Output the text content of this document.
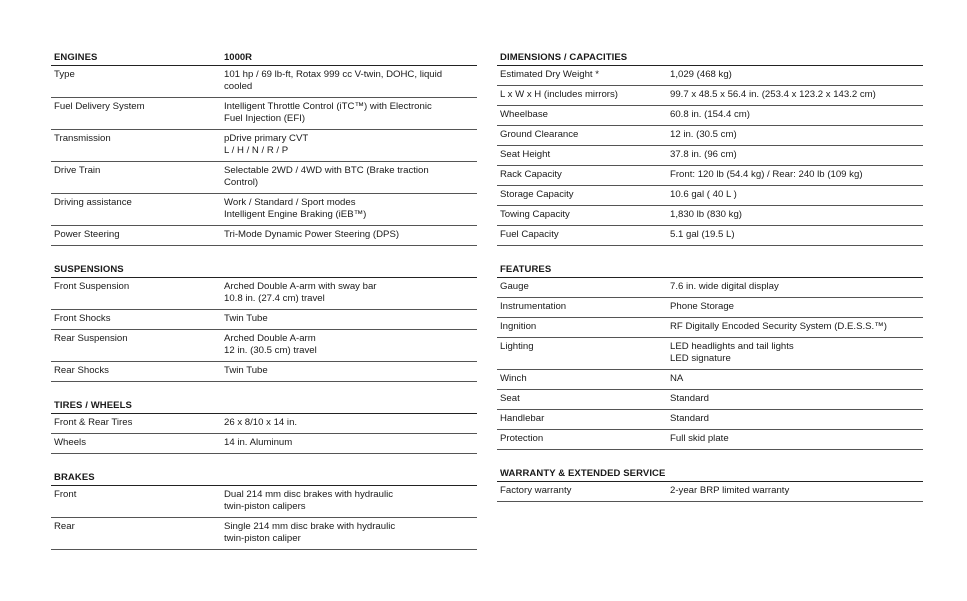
ENGINES	1000R
Type	101 hp / 69 lb-ft, Rotax 999 cc V-twin, DOHC, liquid
cooled
Fuel Delivery System	Intelligent Throttle Control (iTC™) with Electronic
Fuel Injection (EFI)
Transmission	pDrive primary CVT
L / H / N / R / P
Drive Train	Selectable 2WD / 4WD with BTC (Brake traction
Control)
Driving assistance	Work / Standard / Sport modes
Intelligent Engine Braking (iEB™)
Power Steering	Tri-Mode Dynamic Power Steering (DPS)
SUSPENSIONS
Front Suspension	Arched Double A-arm with sway bar
10.8 in. (27.4 cm) travel
Front Shocks	Twin Tube
Rear Suspension	Arched Double A-arm
12 in. (30.5 cm) travel
Rear Shocks	Twin Tube
TIRES / WHEELS
Front & Rear Tires	26 x 8/10 x 14 in.
Wheels	14 in. Aluminum
BRAKES
Front	Dual 214 mm disc brakes with hydraulic
twin-piston calipers
Rear	Single 214 mm disc brake with hydraulic
twin-piston caliper
DIMENSIONS / CAPACITIES
Estimated Dry Weight *	1,029 (468 kg)
L x W x H (includes mirrors)	99.7 x 48.5 x 56.4 in. (253.4 x 123.2 x 143.2 cm)
Wheelbase	60.8 in. (154.4 cm)
Ground Clearance	12 in. (30.5 cm)
Seat Height	37.8 in. (96 cm)
Rack Capacity	Front: 120 lb (54.4 kg) / Rear: 240 lb (109 kg)
Storage Capacity	10.6 gal ( 40 L )
Towing Capacity	1,830 lb (830 kg)
Fuel Capacity	5.1 gal (19.5 L)
FEATURES
Gauge	7.6 in. wide digital display
Instrumentation	Phone Storage
Ingnition	RF Digitally Encoded Security System (D.E.S.S.™)
Lighting	LED headlights and tail lights
LED signature
Winch	NA
Seat	Standard
Handlebar	Standard
Protection	Full skid plate
WARRANTY & EXTENDED SERVICE
Factory warranty	2-year BRP limited warranty
